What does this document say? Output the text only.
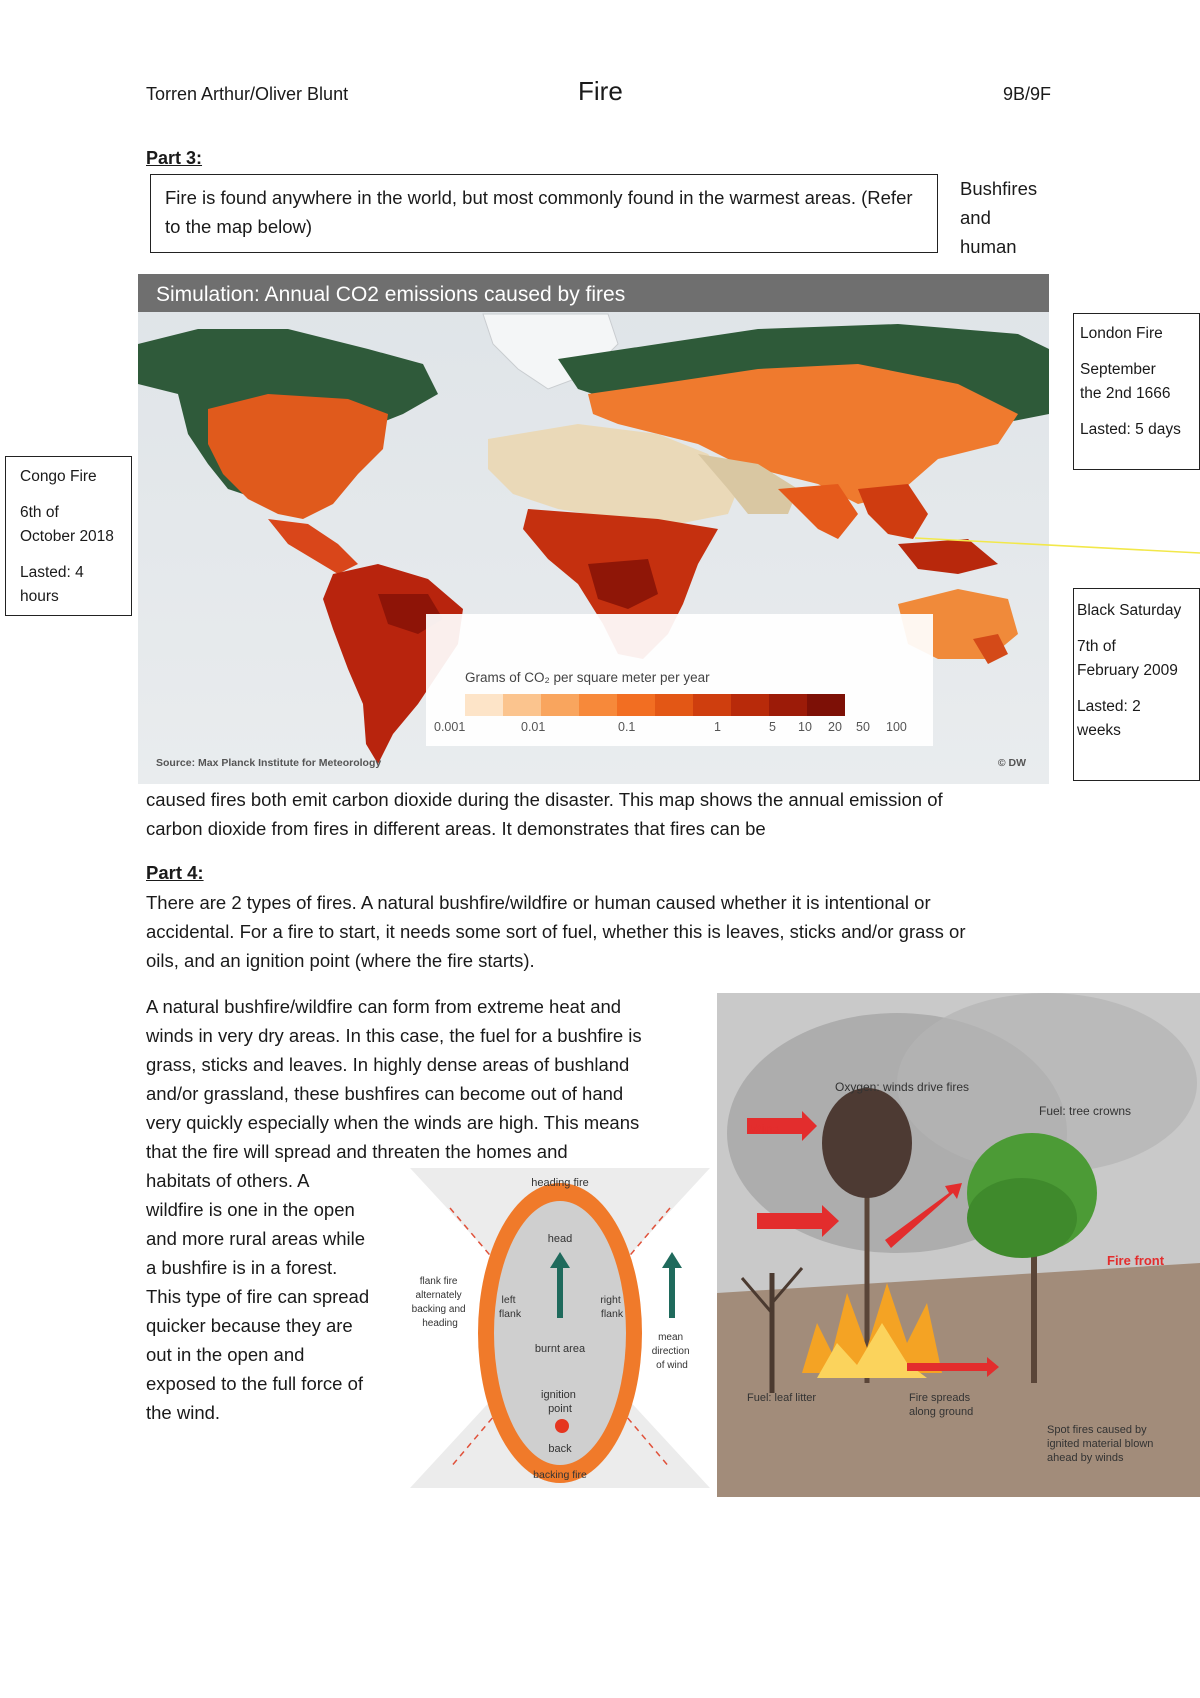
Torren Arthur/Oliver Blunt	Fire	9B/9F
Part 3:
Fire is found anywhere in the world, but most commonly found in the warmest areas. (Refer to the map below)
Bushfires
and
human
Simulation: Annual CO2 emissions caused by fires
Grams of CO₂ per square meter per year
0.001	0.01	0.1	1	5 10 20 50 100
Source: Max Planck Institute for Meteorology	© DW

London Fire

September

the 2nd 1666

Lasted: 5 days

Congo Fire

6th of

October 2018

Lasted: 4

hours

Black Saturday

7th of

February 2009

Lasted: 2

weeks

caused fires both emit carbon dioxide during the disaster. This map shows the annual emission of
carbon dioxide from fires in different areas. It demonstrates that fires can be
Part 4:
There are 2 types of fires. A natural bushfire/wildfire or human caused whether it is intentional or
accidental. For a fire to start, it needs some sort of fuel, whether this is leaves, sticks and/or grass or
oils, and an ignition point (where the fire starts).
A natural bushfire/wildfire can form from extreme heat and
winds in very dry areas. In this case, the fuel for a bushfire is
grass, sticks and leaves. In highly dense areas of bushland
and/or grassland, these bushfires can become out of hand
very quickly especially when the winds are high. This means
that the fire will spread and threaten the homes and
habitats of others. A
wildfire is one in the open
and more rural areas while
a bushfire is in a forest.
This type of fire can spread
quicker because they are
out in the open and
exposed to the full force of
the wind.
heading fire
head
flank fire alternately backing and heading
left flank
right flank
burnt area
mean direction of wind
ignition point
back
backing fire
Oxygen: winds drive fires
Fuel: tree crowns
Wind
Fire front
Fuel: leaf litter	Fire spreads along ground
Spot fires caused by ignited material blown ahead by winds
